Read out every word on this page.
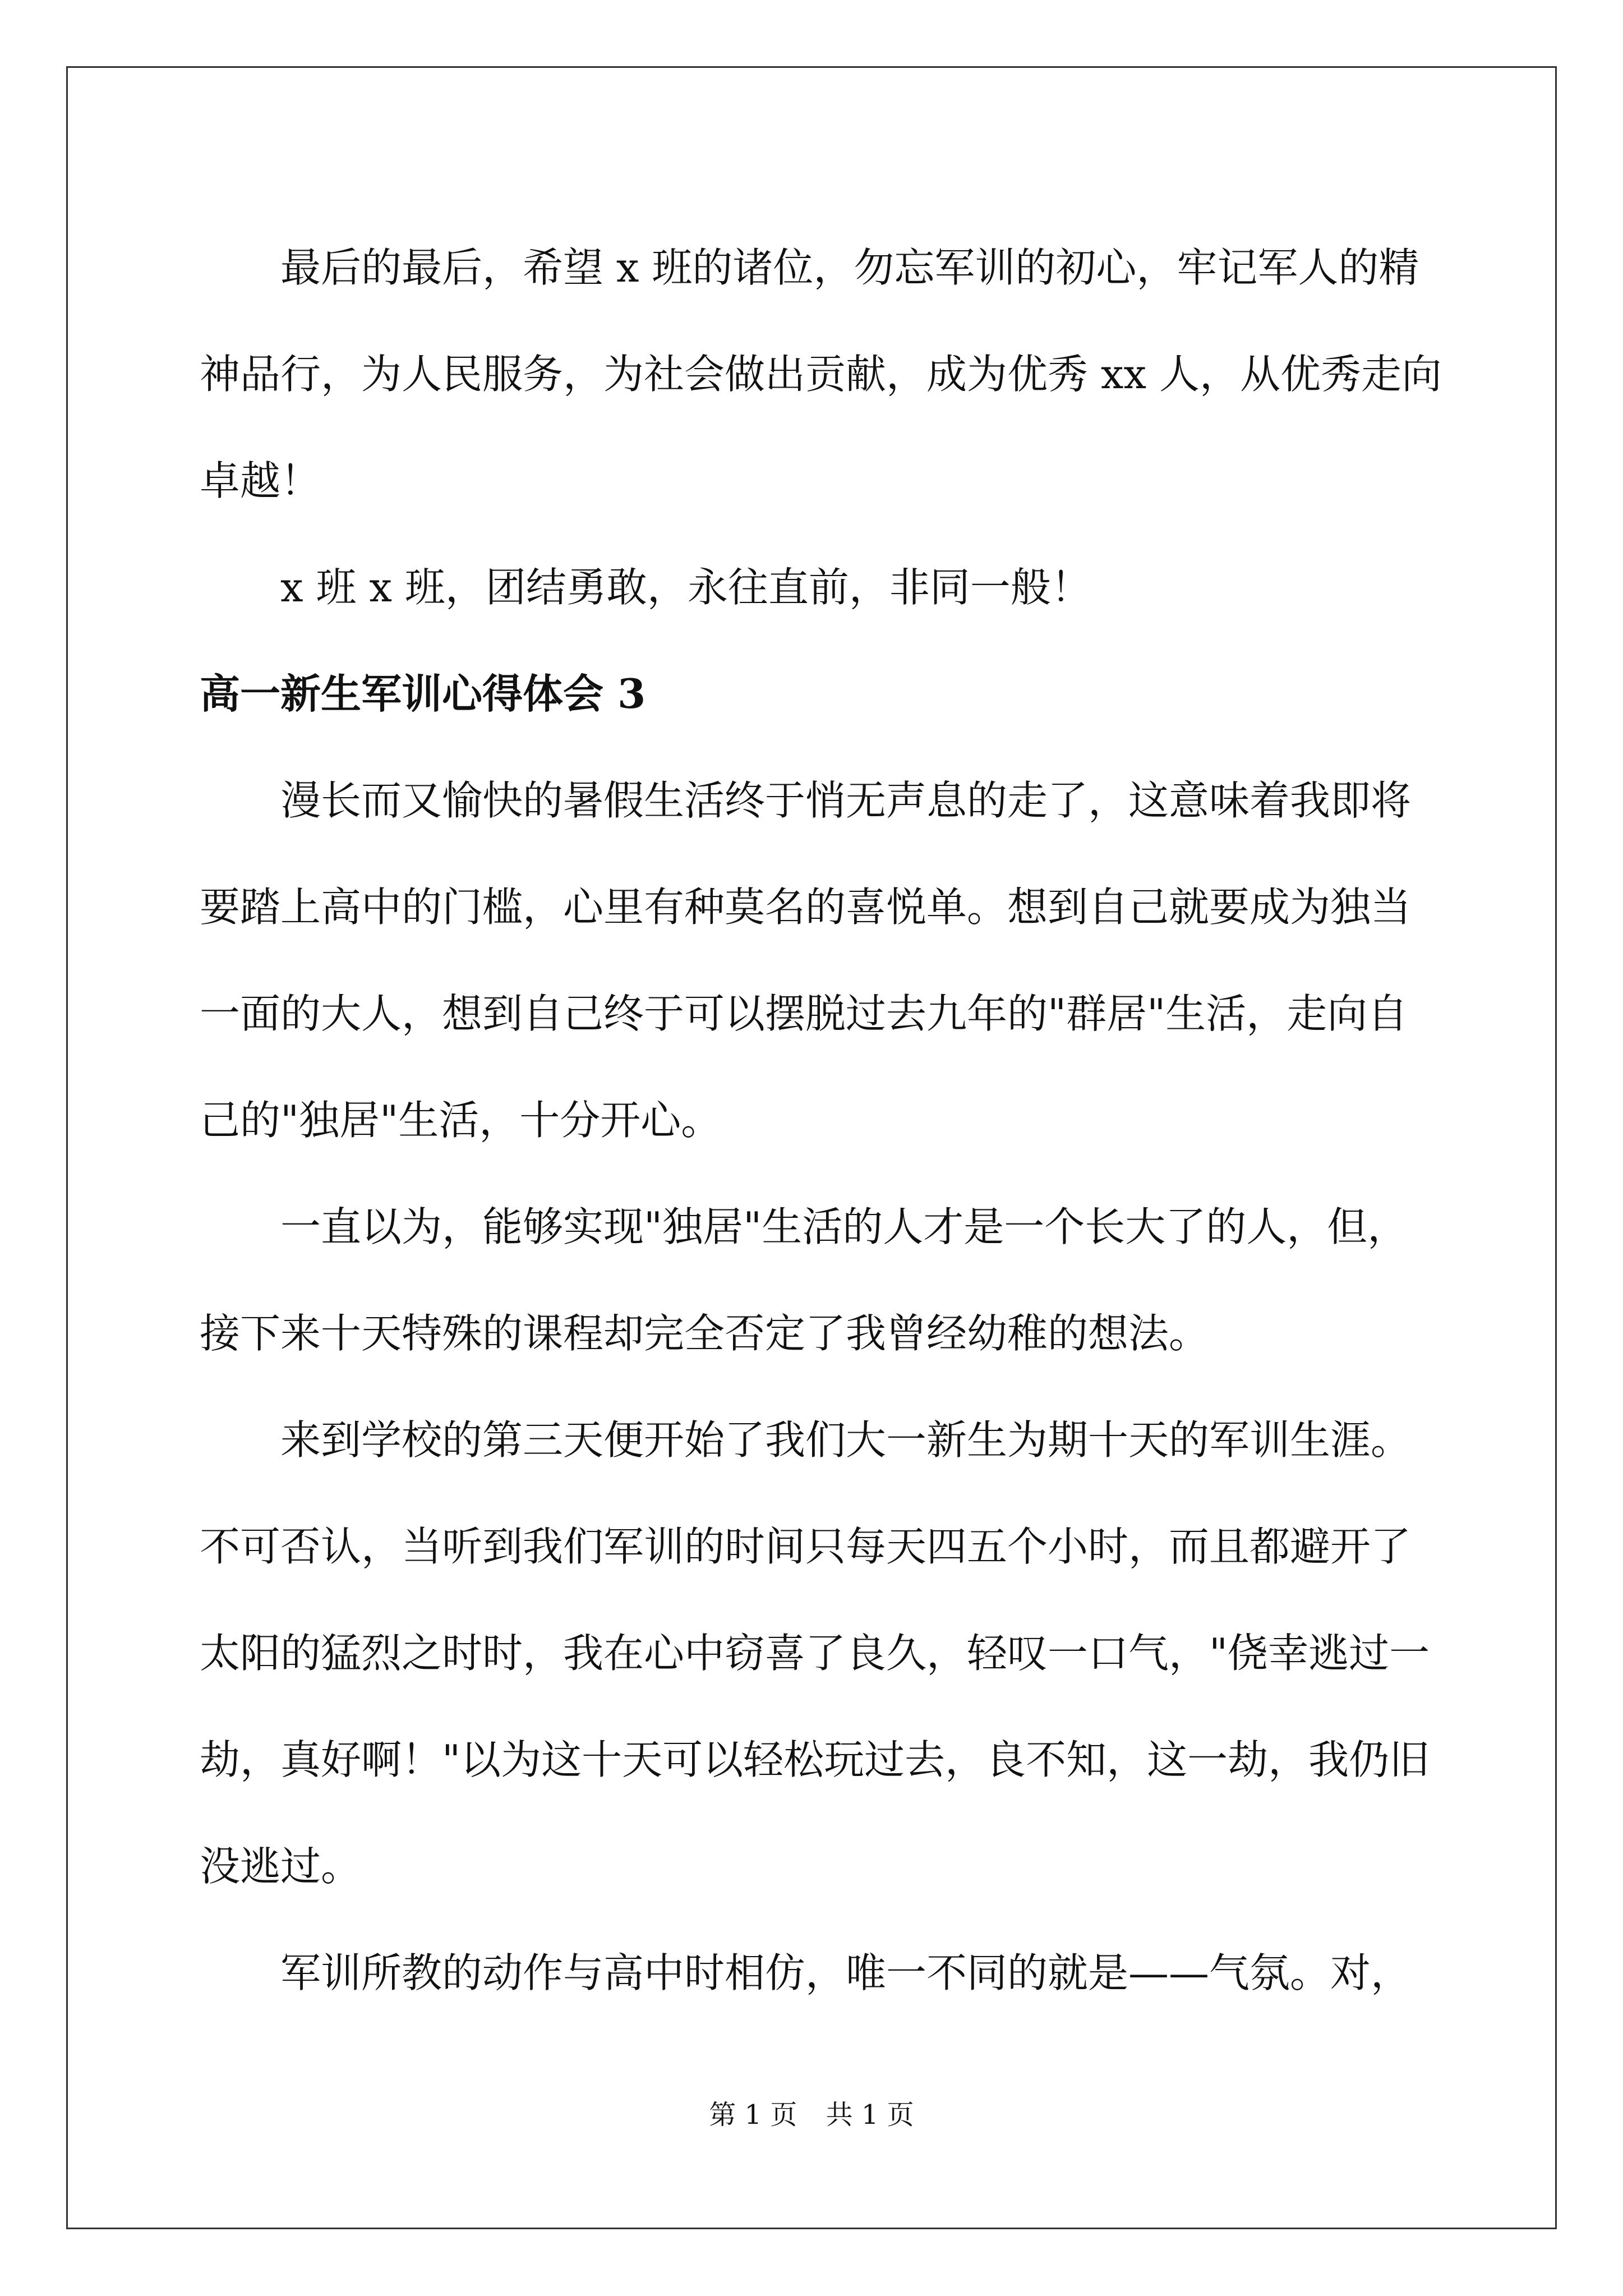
最后的最后，希望 x 班的诸位，勿忘军训的初心，牢记军人的精
神品行，为人民服务，为社会做出贡献，成为优秀 xx 人，从优秀走向
卓越！

x 班 x 班，团结勇敢，永往直前，非同一般！

高一新生军训心得体会 3

漫长而又愉快的暑假生活终于悄无声息的走了，这意味着我即将
要踏上高中的门槛，心里有种莫名的喜悦单。想到自己就要成为独当
一面的大人，想到自己终于可以摆脱过去九年的"群居"生活，走向自
己的"独居"生活，十分开心。

一直以为，能够实现"独居"生活的人才是一个长大了的人，但，
接下来十天特殊的课程却完全否定了我曾经幼稚的想法。

来到学校的第三天便开始了我们大一新生为期十天的军训生涯。
不可否认，当听到我们军训的时间只每天四五个小时，而且都避开了
太阳的猛烈之时时，我在心中窃喜了良久，轻叹一口气，"侥幸逃过一
劫，真好啊！"以为这十天可以轻松玩过去，良不知，这一劫，我仍旧
没逃过。

军训所教的动作与高中时相仿，唯一不同的就是——气氛。对，

第 1 页 共 1 页
